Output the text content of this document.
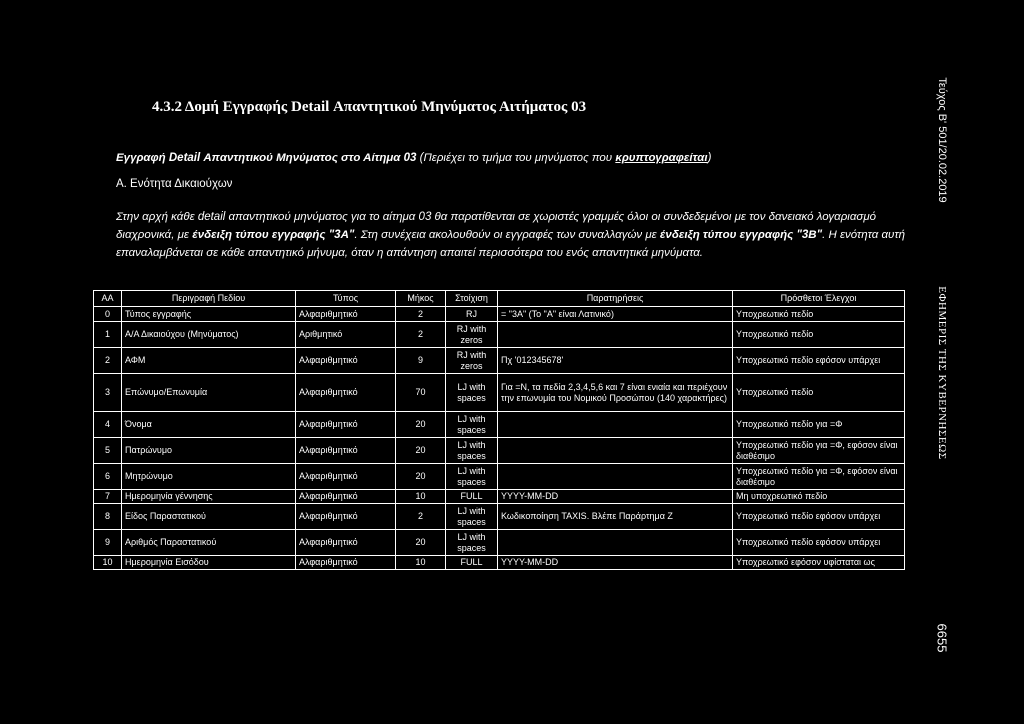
4.3.2 Δομή Εγγραφής Detail Απαντητικού Μηνύματος Αιτήματος 03
Εγγραφή Detail Απαντητικού Μηνύματος στο Αίτημα 03 (Περιέχει το τμήμα του μηνύματος που κρυπτογραφείται)
Α. Ενότητα Δικαιούχων
Στην αρχή κάθε detail απαντητικού μηνύματος για το αίτημα 03 θα παρατίθενται σε χωριστές γραμμές όλοι οι συνδεδεμένοι με τον δανειακό λογαριασμό διαχρονικά, με ένδειξη τύπου εγγραφής "3Α". Στη συνέχεια ακολουθούν οι εγγραφές των συναλλαγών με ένδειξη τύπου εγγραφής "3Β". Η ενότητα αυτή επαναλαμβάνεται σε κάθε απαντητικό μήνυμα, όταν η απάντηση απαιτεί περισσότερα του ενός απαντητικά μηνύματα.
ΑΑ	Περιγραφή Πεδίου	Τύπος	Μήκος	Στοίχιση	Παρατηρήσεις	Πρόσθετοι Έλεγχοι
0	Τύπος εγγραφής	Αλφαριθμητικό	2	RJ	= "3Α" (Το "Α" είναι Λατινικό)	Υποχρεωτικό πεδίο
1	Α/Α Δικαιούχου (Μηνύματος)	Αριθμητικό	2	RJ with zeros		Υποχρεωτικό πεδίο
2	ΑΦΜ	Αλφαριθμητικό	9	RJ with zeros	Πχ '012345678'	Υποχρεωτικό πεδίο εφόσον υπάρχει
3	Επώνυμο/Επωνυμία	Αλφαριθμητικό	70	LJ with spaces	Για =Ν, τα πεδία 2,3,4,5,6 και 7 είναι ενιαία και περιέχουν την επωνυμία του Νομικού Προσώπου (140 χαρακτήρες)	Υποχρεωτικό πεδίο
4	Όνομα	Αλφαριθμητικό	20	LJ with spaces		Υποχρεωτικό πεδίο για =Φ
5	Πατρώνυμο	Αλφαριθμητικό	20	LJ with spaces		Υποχρεωτικό πεδίο για =Φ, εφόσον είναι διαθέσιμο
6	Μητρώνυμο	Αλφαριθμητικό	20	LJ with spaces		Υποχρεωτικό πεδίο για =Φ, εφόσον είναι διαθέσιμο
7	Ημερομηνία γέννησης	Αλφαριθμητικό	10	FULL	YYYY-MM-DD	Μη υποχρεωτικό πεδίο
8	Είδος Παραστατικού	Αλφαριθμητικό	2	LJ with spaces	Κωδικοποίηση TAXIS. Βλέπε Παράρτημα Ζ	Υποχρεωτικό πεδίο εφόσον υπάρχει
9	Αριθμός Παραστατικού	Αλφαριθμητικό	20	LJ with spaces		Υποχρεωτικό πεδίο εφόσον υπάρχει
10	Ημερομηνία Εισόδου	Αλφαριθμητικό	10	FULL	YYYY-MM-DD	Υποχρεωτικό εφόσον υφίσταται ως
Τεύχος Β' 501/20.02.2019
ΕΦΗΜΕΡΙΣ ΤΗΣ ΚΥΒΕΡΝΗΣΕΩΣ
6655
